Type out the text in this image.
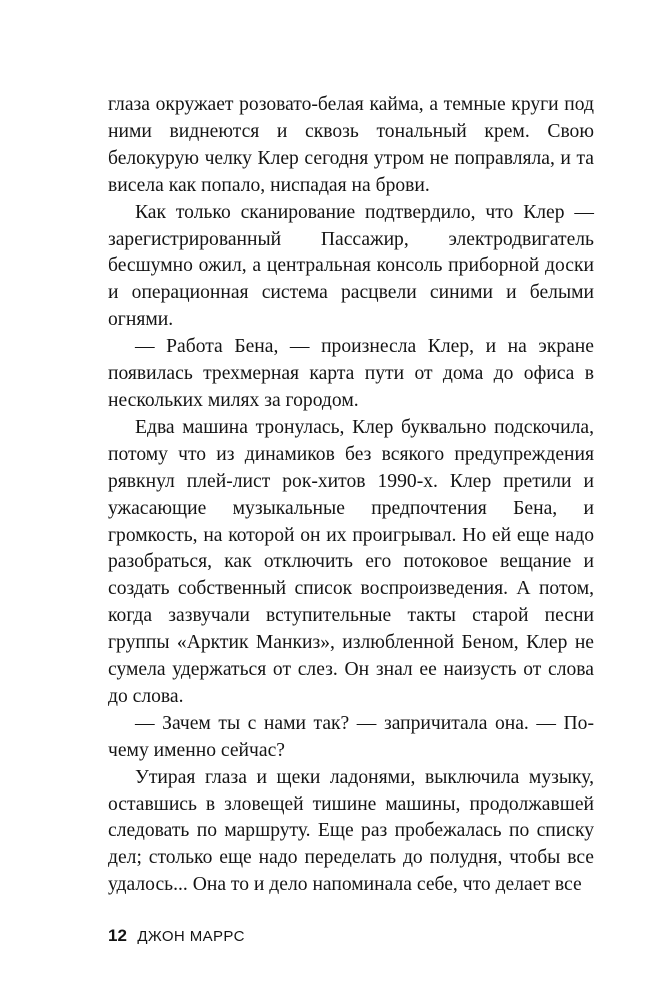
глаза окружает розовато-белая кайма, а темные круги под ними виднеются и сквозь тональный крем. Свою белокурую челку Клер сегодня утром не поправляла, и та висела как попало, ниспадая на брови.

Как только сканирование подтвердило, что Клер — зарегистрированный Пассажир, электродвигатель бесшумно ожил, а центральная консоль приборной доски и операционная система расцвели синими и белыми огнями.

— Работа Бена, — произнесла Клер, и на экране появилась трехмерная карта пути от дома до офиса в нескольких милях за городом.

Едва машина тронулась, Клер буквально подскочила, потому что из динамиков без всякого предупреждения рявкнул плей-лист рок-хитов 1990-х. Клер претили и ужасающие музыкальные предпочтения Бена, и громкость, на которой он их проигрывал. Но ей еще надо разобраться, как отключить его потоковое вещание и создать собственный список воспроизведения. А потом, когда зазвучали вступительные такты старой песни группы «Арктик Манкиз», излюбленной Беном, Клер не сумела удержаться от слез. Он знал ее наизусть от слова до слова.

— Зачем ты с нами так? — запричитала она. — Почему именно сейчас?

Утирая глаза и щеки ладонями, выключила музыку, оставшись в зловещей тишине машины, продолжавшей следовать по маршруту. Еще раз пробежалась по списку дел; столько еще надо переделать до полудня, чтобы все удалось... Она то и дело напоминала себе, что делает все

12 ДЖОН МАРРС
